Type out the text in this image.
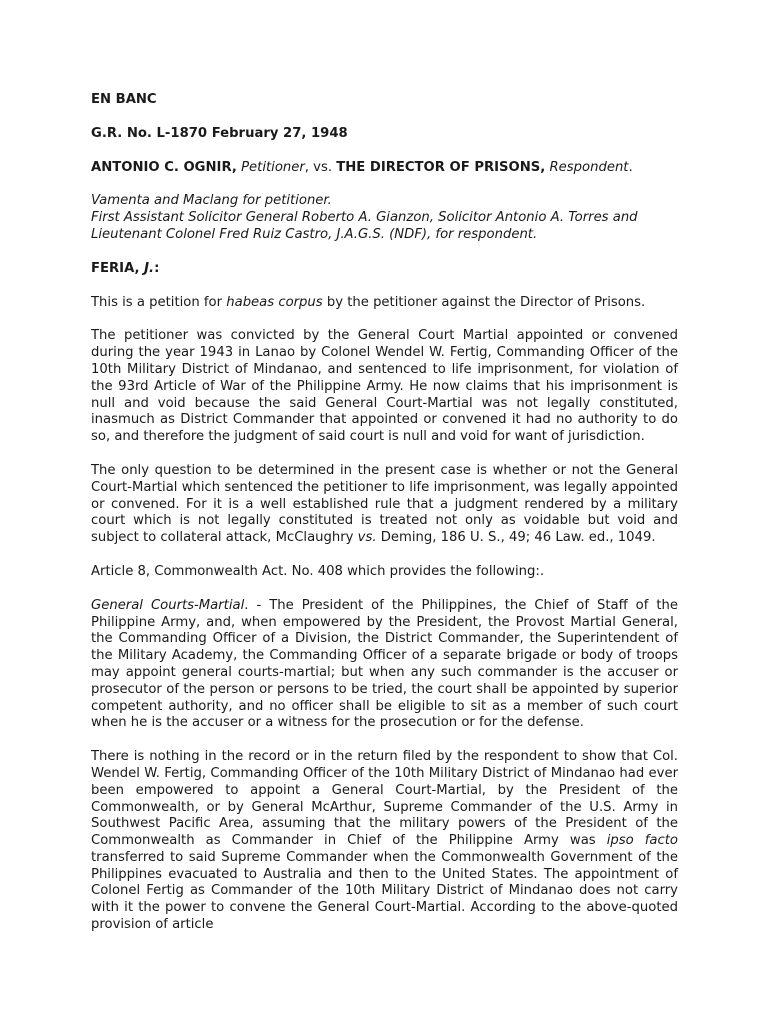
EN BANC

G.R. No. L-1870 February 27, 1948

ANTONIO C. OGNIR, Petitioner, vs. THE DIRECTOR OF PRISONS, Respondent.

Vamenta and Maclang for petitioner.
First Assistant Solicitor General Roberto A. Gianzon, Solicitor Antonio A. Torres and Lieutenant Colonel Fred Ruiz Castro, J.A.G.S. (NDF), for respondent.

FERIA, J.:

This is a petition for habeas corpus by the petitioner against the Director of Prisons.

The petitioner was convicted by the General Court Martial appointed or convened during the year 1943 in Lanao by Colonel Wendel W. Fertig, Commanding Officer of the 10th Military District of Mindanao, and sentenced to life imprisonment, for violation of the 93rd Article of War of the Philippine Army. He now claims that his imprisonment is null and void because the said General Court-Martial was not legally constituted, inasmuch as District Commander that appointed or convened it had no authority to do so, and therefore the judgment of said court is null and void for want of jurisdiction.

The only question to be determined in the present case is whether or not the General Court-Martial which sentenced the petitioner to life imprisonment, was legally appointed or convened. For it is a well established rule that a judgment rendered by a military court which is not legally constituted is treated not only as voidable but void and subject to collateral attack, McClaughry vs. Deming, 186 U. S., 49; 46 Law. ed., 1049.

Article 8, Commonwealth Act. No. 408 which provides the following:.

General Courts-Martial. - The President of the Philippines, the Chief of Staff of the Philippine Army, and, when empowered by the President, the Provost Martial General, the Commanding Officer of a Division, the District Commander, the Superintendent of the Military Academy, the Commanding Officer of a separate brigade or body of troops may appoint general courts-martial; but when any such commander is the accuser or prosecutor of the person or persons to be tried, the court shall be appointed by superior competent authority, and no officer shall be eligible to sit as a member of such court when he is the accuser or a witness for the prosecution or for the defense.

There is nothing in the record or in the return filed by the respondent to show that Col. Wendel W. Fertig, Commanding Officer of the 10th Military District of Mindanao had ever been empowered to appoint a General Court-Martial, by the President of the Commonwealth, or by General McArthur, Supreme Commander of the U.S. Army in Southwest Pacific Area, assuming that the military powers of the President of the Commonwealth as Commander in Chief of the Philippine Army was ipso facto transferred to said Supreme Commander when the Commonwealth Government of the Philippines evacuated to Australia and then to the United States. The appointment of Colonel Fertig as Commander of the 10th Military District of Mindanao does not carry with it the power to convene the General Court-Martial. According to the above-quoted provision of article
